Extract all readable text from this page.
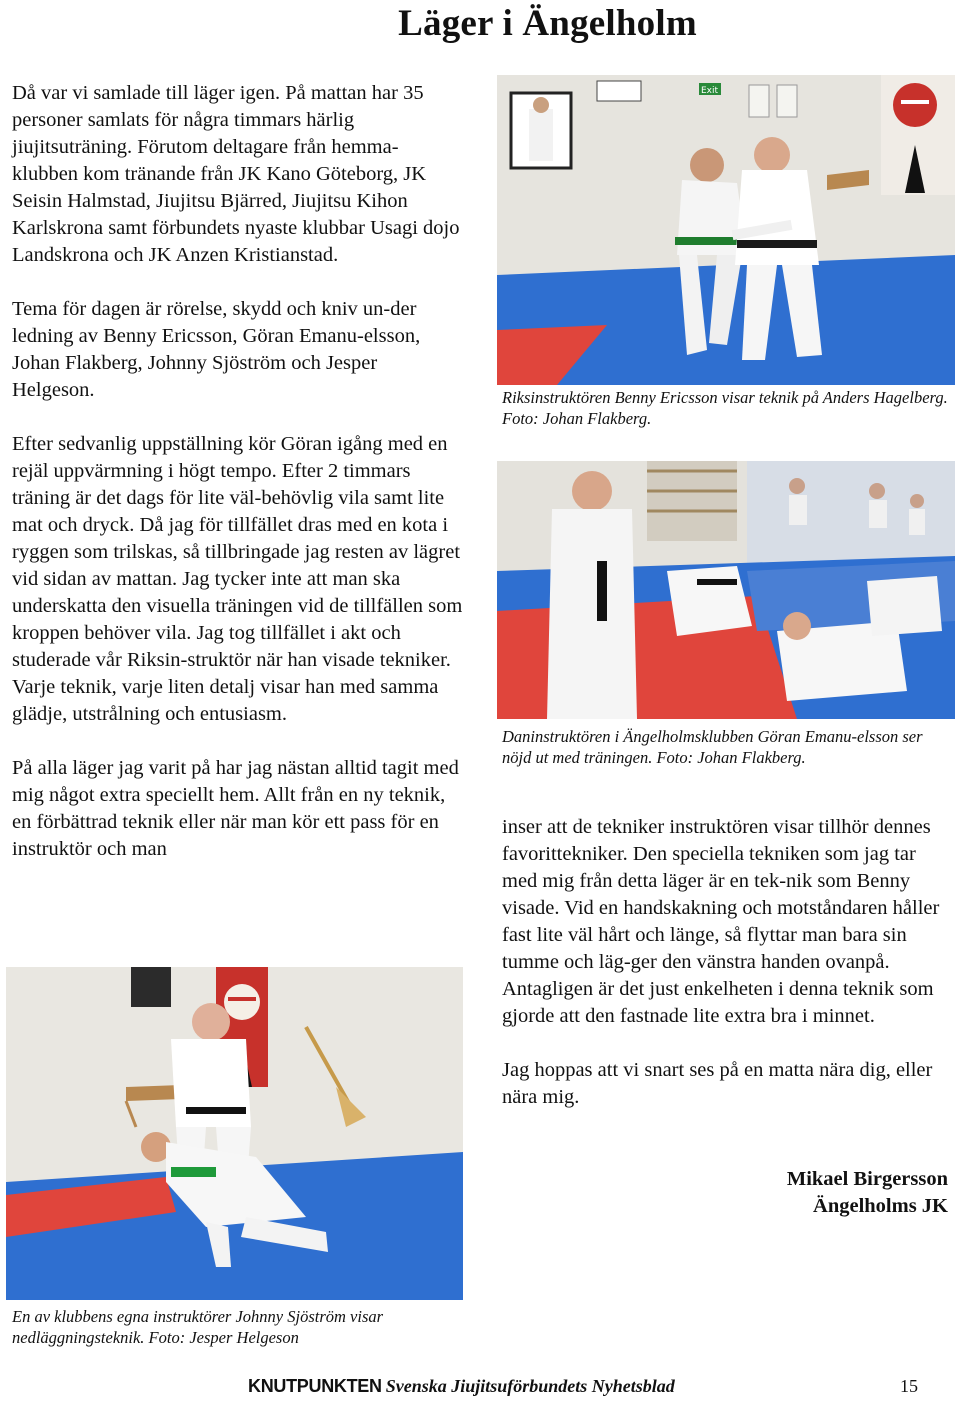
Läger i Ängelholm

Då var vi samlade till läger igen. På mattan har 35 personer samlats för några timmars härlig jiujitsuträning. Förutom deltagare från hemma-klubben kom tränande från JK Kano Göteborg, JK Seisin Halmstad, Jiujitsu Bjärred, Jiujitsu Kihon Karlskrona samt förbundets nyaste klubbar Usagi dojo Landskrona och JK Anzen Kristianstad.

Tema för dagen är rörelse, skydd och kniv un-der ledning av Benny Ericsson, Göran Emanu-elsson, Johan Flakberg, Johnny Sjöström och Jesper Helgeson.

Efter sedvanlig uppställning kör Göran igång med en rejäl uppvärmning i högt tempo. Efter 2 timmars träning är det dags för lite väl-behövlig vila samt lite mat och dryck. Då jag för tillfället dras med en kota i ryggen som trilskas, så tillbringade jag resten av lägret vid sidan av mattan. Jag tycker inte att man ska underskatta den visuella träningen vid de tillfällen som kroppen behöver vila. Jag tog tillfället i akt och studerade vår Riksin-struktör när han visade tekniker. Varje teknik, varje liten detalj visar han med samma glädje, utstrålning och entusiasm.

På alla läger jag varit på har jag nästan alltid tagit med mig något extra speciellt hem. Allt från en ny teknik, en förbättrad teknik eller när man kör ett pass för en instruktör och man

Exit

Riksinstruktören Benny Ericsson visar teknik på Anders Hagelberg. Foto: Johan Flakberg.

Daninstruktören i Ängelholmsklubben Göran Emanu-elsson ser nöjd ut med träningen. Foto: Johan Flakberg.

inser att de tekniker instruktören visar tillhör dennes favorittekniker. Den speciella tekniken som jag tar med mig från detta läger är en tek-nik som Benny visade. Vid en handskakning och motståndaren håller fast lite väl hårt och länge, så flyttar man bara sin tumme och läg-ger den vänstra handen ovanpå. Antagligen är det just enkelheten i denna teknik som gjorde att den fastnade lite extra bra i minnet.

Jag hoppas att vi snart ses på en matta nära dig, eller nära mig.

Mikael Birgersson
Ängelholms JK

En av klubbens egna instruktörer Johnny Sjöström visar nedläggningsteknik. Foto: Jesper Helgeson

KNUTPUNKTEN Svenska Jiujitsuförbundets Nyhetsblad	15
